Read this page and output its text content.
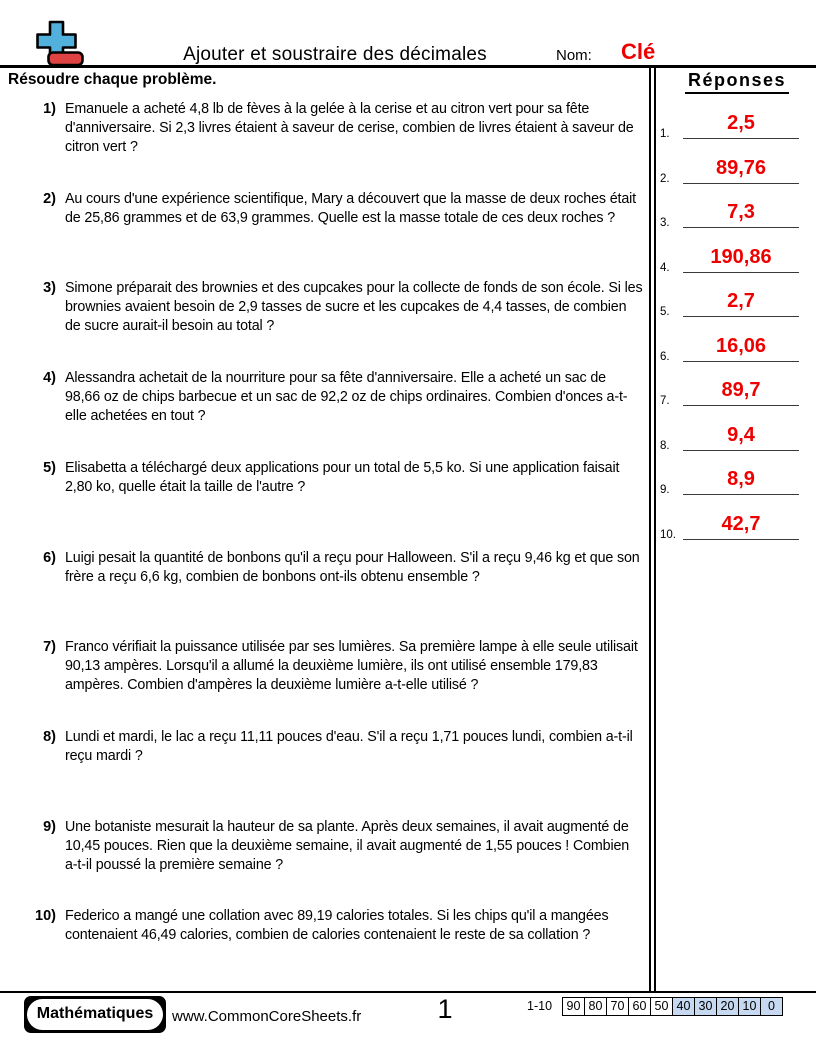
Ajouter et soustraire des décimales	Nom: Clé
Résoudre chaque problème.	Réponses
1.	2,5
2.	89,76
3.	7,3
4.	190,86
5.	2,7
6.	16,06
7.	89,7
8.	9,4
9.	8,9
10.	42,7
1) Emanuele a acheté 4,8 lb de fèves à la gelée à la cerise et au citron vert pour sa fête d'anniversaire. Si 2,3 livres étaient à saveur de cerise, combien de livres étaient à saveur de citron vert ?
2) Au cours d'une expérience scientifique, Mary a découvert que la masse de deux roches était de 25,86 grammes et de 63,9 grammes. Quelle est la masse totale de ces deux roches ?
3) Simone préparait des brownies et des cupcakes pour la collecte de fonds de son école. Si les brownies avaient besoin de 2,9 tasses de sucre et les cupcakes de 4,4 tasses, de combien de sucre aurait-il besoin au total ?
4) Alessandra achetait de la nourriture pour sa fête d'anniversaire. Elle a acheté un sac de 98,66 oz de chips barbecue et un sac de 92,2 oz de chips ordinaires. Combien d'onces a-t-elle achetées en tout ?
5) Elisabetta a téléchargé deux applications pour un total de 5,5 ko. Si une application faisait 2,80 ko, quelle était la taille de l'autre ?
6) Luigi pesait la quantité de bonbons qu'il a reçu pour Halloween. S'il a reçu 9,46 kg et que son frère a reçu 6,6 kg, combien de bonbons ont-ils obtenu ensemble ?
7) Franco vérifiait la puissance utilisée par ses lumières. Sa première lampe à elle seule utilisait 90,13 ampères. Lorsqu'il a allumé la deuxième lumière, ils ont utilisé ensemble 179,83 ampères. Combien d'ampères la deuxième lumière a-t-elle utilisé ?
8) Lundi et mardi, le lac a reçu 11,11 pouces d'eau. S'il a reçu 1,71 pouces lundi, combien a-t-il reçu mardi ?
9) Une botaniste mesurait la hauteur de sa plante. Après deux semaines, il avait augmenté de 10,45 pouces. Rien que la deuxième semaine, il avait augmenté de 1,55 pouces ! Combien a-t-il poussé la première semaine ?
10) Federico a mangé une collation avec 89,19 calories totales. Si les chips qu'il a mangées contenaient 46,49 calories, combien de calories contenaient le reste de sa collation ?
Mathématiques	www.CommonCoreSheets.fr	1	1-10 90 80 70 60 50 40 30 20 10 0
